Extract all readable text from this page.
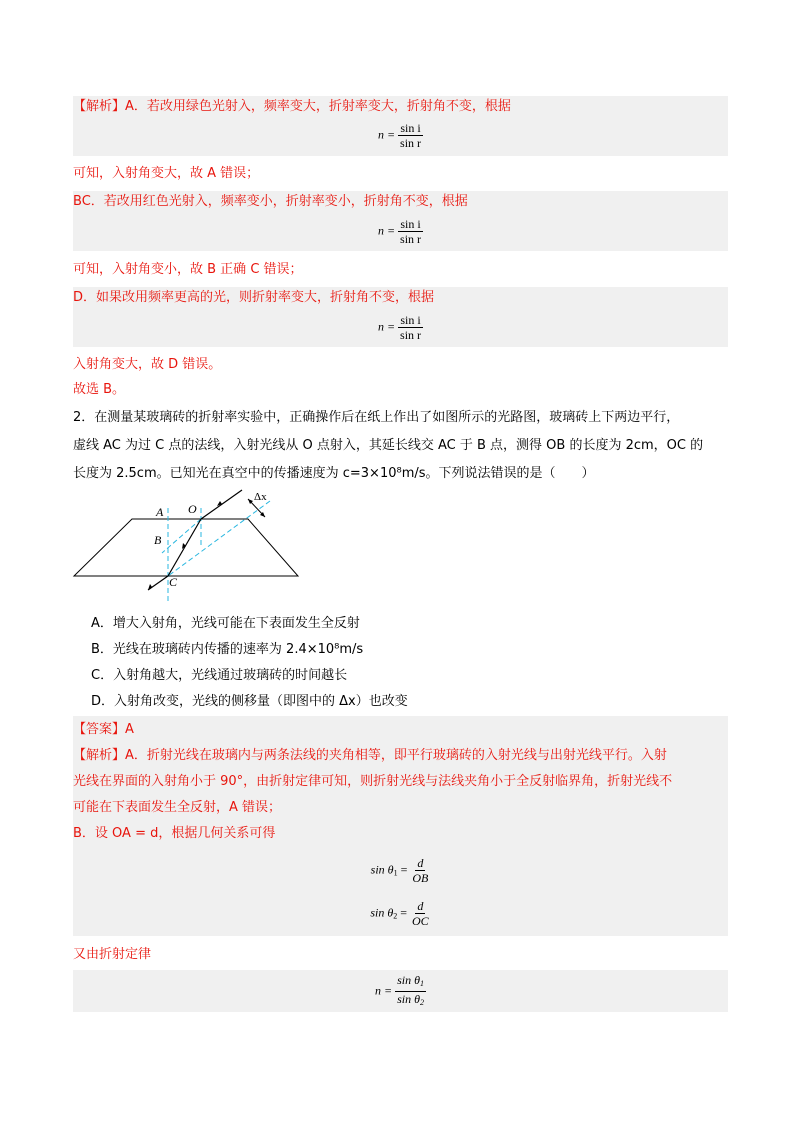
【解析】A．若改用绿色光射入，频率变大，折射率变大，折射角不变，根据
$n = \frac{\text{sin i}}{\text{sin r}}$
可知，入射角变大，故 A 错误；
BC．若改用红色光射入，频率变小，折射率变小，折射角不变，根据
$n = \frac{\text{sin i}}{\text{sin r}}$
可知，入射角变小，故 B 正确 C 错误；
D．如果改用频率更高的光，则折射率变大，折射角不变，根据
$n = \frac{\text{sin i}}{\text{sin r}}$
入射角变大，故 D 错误。
故选 B。
2．在测量某玻璃砖的折射率实验中，正确操作后在纸上作出了如图所示的光路图，玻璃砖上下两边平行，
虚线 AC 为过 C 点的法线，入射光线从 O 点射入，其延长线交 AC 于 B 点，测得 OB 的长度为 2cm，OC 的
长度为 2.5cm。已知光在真空中的传播速度为 c=3×10⁸m/s。下列说法错误的是（　　）
A O
B
C
Δx
A．增大入射角，光线可能在下表面发生全反射
B．光线在玻璃砖内传播的速率为 2.4×10⁸m/s
C．入射角越大，光线通过玻璃砖的时间越长
D．入射角改变，光线的侧移量（即图中的 Δx）也改变
【答案】A
【解析】A．折射光线在玻璃内与两条法线的夹角相等，即平行玻璃砖的入射光线与出射光线平行。入射
光线在界面的入射角小于 90°，由折射定律可知，则折射光线与法线夹角小于全反射临界角，折射光线不
可能在下表面发生全反射，A 错误；
B．设 OA = d，根据几何关系可得
$\sin \theta_1 = \frac{d}{OB}$
$\sin \theta_2 = \frac{d}{OC}$
又由折射定律
$n = \frac{\sin \theta_1}{\sin \theta_2}$
